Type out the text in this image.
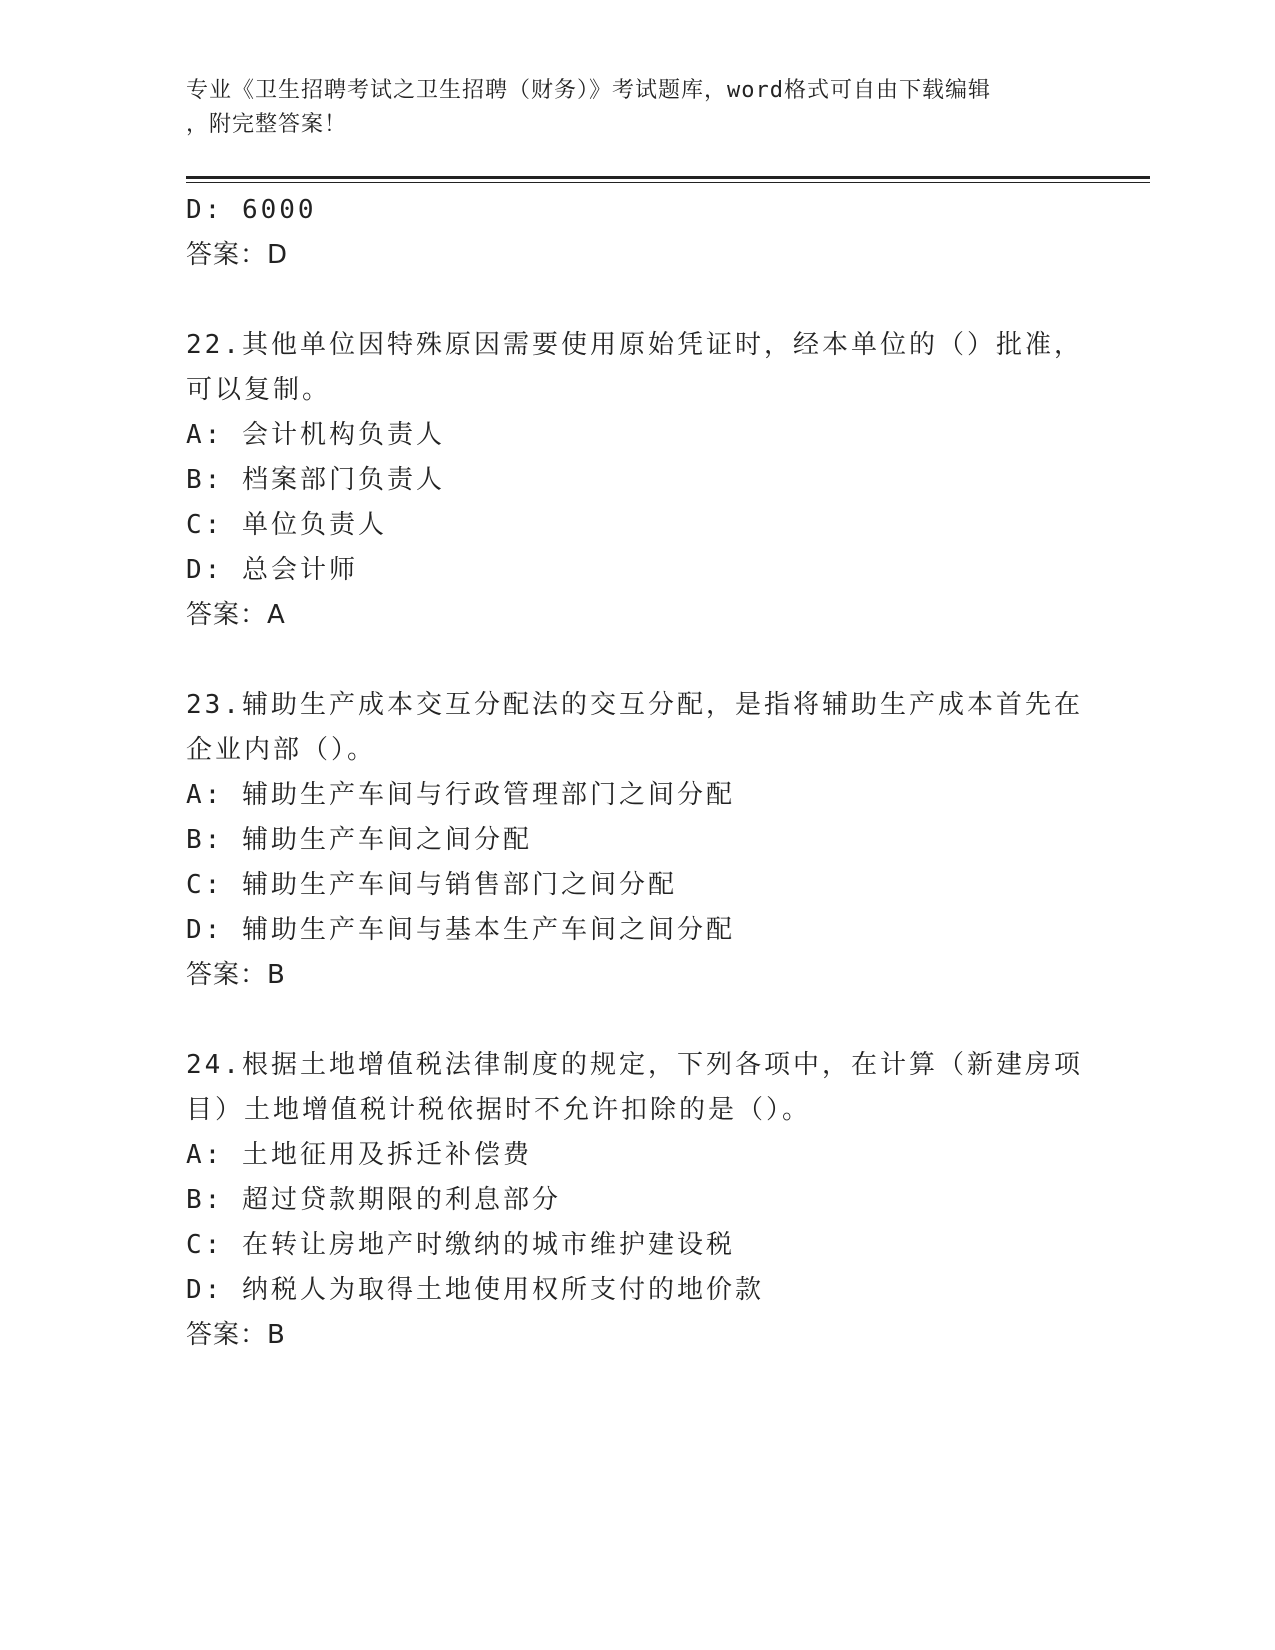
专业《卫生招聘考试之卫生招聘（财务）》考试题库，word格式可自由下载编辑
，附完整答案！
D: 6000
答案：D
22.其他单位因特殊原因需要使用原始凭证时，经本单位的（）批准，
可以复制。
A: 会计机构负责人
B: 档案部门负责人
C: 单位负责人
D: 总会计师
答案：A
23.辅助生产成本交互分配法的交互分配，是指将辅助生产成本首先在
企业内部（）。
A: 辅助生产车间与行政管理部门之间分配
B: 辅助生产车间之间分配
C: 辅助生产车间与销售部门之间分配
D: 辅助生产车间与基本生产车间之间分配
答案：B
24.根据土地增值税法律制度的规定，下列各项中，在计算（新建房项
目）土地增值税计税依据时不允许扣除的是（）。
A: 土地征用及拆迁补偿费
B: 超过贷款期限的利息部分
C: 在转让房地产时缴纳的城市维护建设税
D: 纳税人为取得土地使用权所支付的地价款
答案：B
